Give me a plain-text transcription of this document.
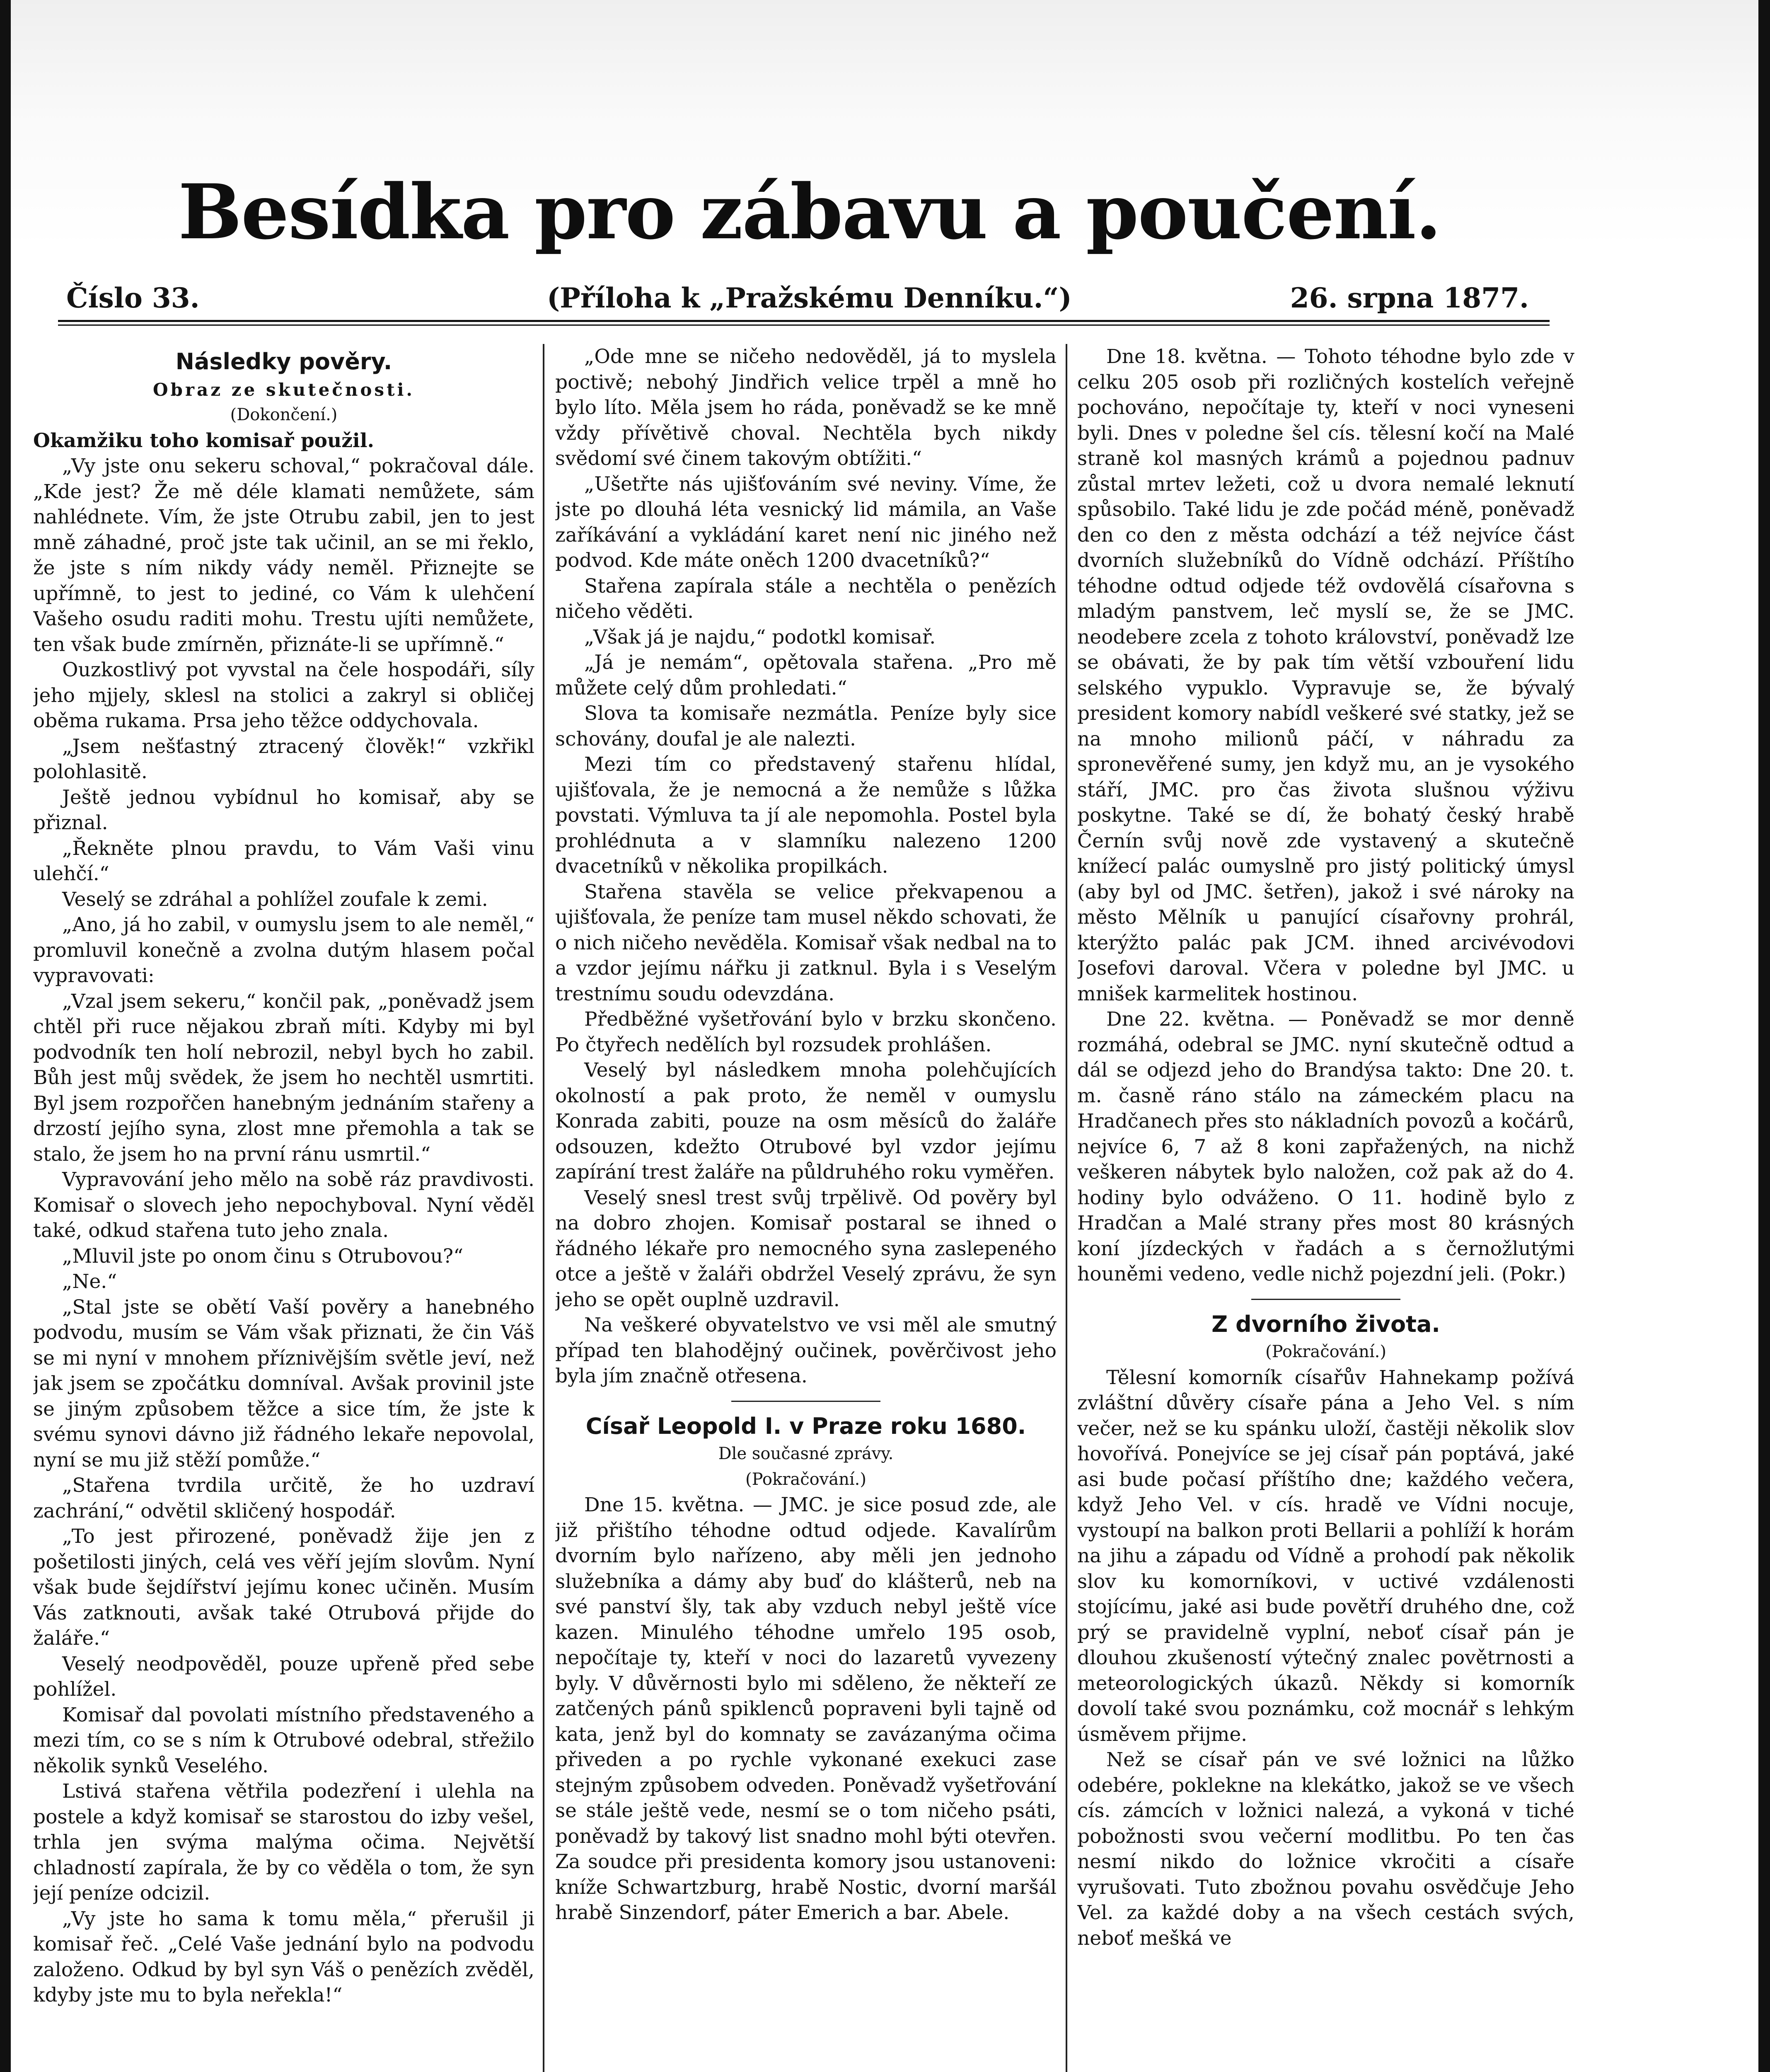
Besídka pro zábavu a poučení.
Číslo 33.	(Příloha k „Pražskému Denníku.“)	26. srpna 1877.
Následky pověry.
Obraz ze skutečnosti.
(Dokončení.)

Okamžiku toho komisař použil.

„Vy jste onu sekeru schoval,“ pokračoval dále. „Kde jest? Že mě déle klamati nemůžete, sám nahlédnete. Vím, že jste Otrubu zabil, jen to jest mně záhadné, proč jste tak učinil, an se mi řeklo, že jste s ním nikdy vády neměl. Přiznejte se upřímně, to jest to jediné, co Vám k ulehčení Vašeho osudu raditi mohu. Trestu ujíti nemůžete, ten však bude zmírněn, přiznáte-li se upřímně.“

Ouzkostlivý pot vyvstal na čele hospodáři, síly jeho mjjely, sklesl na stolici a zakryl si obličej oběma rukama. Prsa jeho těžce oddychovala.

„Jsem nešťastný ztracený člověk!“ vzkřikl polohlasitě.

Ještě jednou vybídnul ho komisař, aby se přiznal.

„Řekněte plnou pravdu, to Vám Vaši vinu ulehčí.“

Veselý se zdráhal a pohlížel zoufale k zemi.

„Ano, já ho zabil, v oumyslu jsem to ale neměl,“ promluvil konečně a zvolna dutým hlasem počal vypravovati:

„Vzal jsem sekeru,“ končil pak, „poněvadž jsem chtěl při ruce nějakou zbraň míti. Kdyby mi byl podvodník ten holí nebrozil, nebyl bych ho zabil. Bůh jest můj svědek, že jsem ho nechtěl usmrtiti. Byl jsem rozpořčen hanebným jednáním stařeny a drzostí jejího syna, zlost mne přemohla a tak se stalo, že jsem ho na první ránu usmrtil.“

Vypravování jeho mělo na sobě ráz pravdivosti. Komisař o slovech jeho nepochyboval. Nyní věděl také, odkud stařena tuto jeho znala.

„Mluvil jste po onom činu s Otrubovou?“

„Ne.“

„Stal jste se obětí Vaší pověry a hanebného podvodu, musím se Vám však přiznati, že čin Váš se mi nyní v mnohem příznivějším světle jeví, než jak jsem se zpočátku domníval. Avšak provinil jste se jiným způsobem těžce a sice tím, že jste k svému synovi dávno již řádného lekaře nepovolal, nyní se mu již stěží pomůže.“

„Stařena tvrdila určitě, že ho uzdraví zachrání,“ odvětil skličený hospodář.

„To jest přirozené, poněvadž žije jen z pošetilosti jiných, celá ves věří jejím slovům. Nyní však bude šejdířství jejímu konec učiněn. Musím Vás zatknouti, avšak také Otrubová přijde do žaláře.“

Veselý neodpověděl, pouze upřeně před sebe pohlížel.

Komisař dal povolati místního představeného a mezi tím, co se s ním k Otrubové odebral, střežilo několik synků Veselého.

Lstivá stařena větřila podezření i ulehla na postele a když komisař se starostou do izby vešel, trhla jen svýma malýma očima. Největší chladností zapírala, že by co věděla o tom, že syn její peníze odcizil.

„Vy jste ho sama k tomu měla,“ přerušil ji komisař řeč. „Celé Vaše jednání bylo na podvodu založeno. Odkud by byl syn Váš o penězích zvěděl, kdyby jste mu to byla neřekla!“

„Ode mne se ničeho nedověděl, já to myslela poctivě; nebohý Jindřich velice trpěl a mně ho bylo líto. Měla jsem ho ráda, poněvadž se ke mně vždy přívětivě choval. Nechtěla bych nikdy svědomí své činem takovým obtížiti.“

„Ušetřte nás ujišťováním své neviny. Víme, že jste po dlouhá léta vesnický lid mámila, an Vaše zaříkávání a vykládání karet není nic jiného než podvod. Kde máte oněch 1200 dvacetníků?“

Stařena zapírala stále a nechtěla o penězích ničeho věděti.

„Však já je najdu,“ podotkl komisař.

„Já je nemám“, opětovala stařena. „Pro mě můžete celý dům prohledati.“

Slova ta komisaře nezmátla. Peníze byly sice schovány, doufal je ale nalezti.

Mezi tím co představený stařenu hlídal, ujišťovala, že je nemocná a že nemůže s lůžka povstati. Výmluva ta jí ale nepomohla. Postel byla prohlédnuta a v slamníku nalezeno 1200 dvacetníků v několika propilkách.

Stařena stavěla se velice překvapenou a ujišťovala, že peníze tam musel někdo schovati, že o nich ničeho nevěděla. Komisař však nedbal na to a vzdor jejímu nářku ji zatknul. Byla i s Veselým trestnímu soudu odevzdána.

Předběžné vyšetřování bylo v brzku skončeno. Po čtyřech nedělích byl rozsudek prohlášen.

Veselý byl následkem mnoha polehčujících okolností a pak proto, že neměl v oumyslu Konrada zabiti, pouze na osm měsíců do žaláře odsouzen, kdežto Otrubové byl vzdor jejímu zapírání trest žaláře na půldruhého roku vyměřen.

Veselý snesl trest svůj trpělivě. Od pověry byl na dobro zhojen. Komisař postaral se ihned o řádného lékaře pro nemocného syna zaslepeného otce a ještě v žaláři obdržel Veselý zprávu, že syn jeho se opět ouplně uzdravil.

Na veškeré obyvatelstvo ve vsi měl ale smutný případ ten blahodějný oučinek, pověrčivost jeho byla jím značně otřesena.

Císař Leopold I. v Praze roku 1680.
Dle současné zprávy.
(Pokračování.)

Dne 15. května. — JMC. je sice posud zde, ale již přištího téhodne odtud odjede. Kavalírům dvorním bylo nařízeno, aby měli jen jednoho služebníka a dámy aby buď do klášterů, neb na své panství šly, tak aby vzduch nebyl ještě více kazen. Minulého téhodne umřelo 195 osob, nepočítaje ty, kteří v noci do lazaretů vyvezeny byly. V důvěrnosti bylo mi sděleno, že někteří ze zatčených pánů spiklenců popraveni byli tajně od kata, jenž byl do komnaty se zavázanýma očima přiveden a po rychle vykonané exekuci zase stejným způsobem odveden. Poněvadž vyšetřování se stále ještě vede, nesmí se o tom ničeho psáti, poněvadž by takový list snadno mohl býti otevřen. Za soudce při presidenta komory jsou ustanoveni: kníže Schwartzburg, hrabě Nostic, dvorní maršál hrabě Sinzendorf, páter Emerich a bar. Abele.

Dne 18. května. — Tohoto téhodne bylo zde v celku 205 osob při rozličných kostelích veřejně pochováno, nepočítaje ty, kteří v noci vyneseni byli. Dnes v poledne šel cís. tělesní kočí na Malé straně kol masných krámů a pojednou padnuv zůstal mrtev ležeti, což u dvora nemalé leknutí spůsobilo. Také lidu je zde počád méně, poněvadž den co den z města odchází a též nejvíce část dvorních služebníků do Vídně odchází. Příštího téhodne odtud odjede též ovdovělá císařovna s mladým panstvem, leč myslí se, že se JMC. neodebere zcela z tohoto království, poněvadž lze se obávati, že by pak tím větší vzbouření lidu selského vypuklo. Vypravuje se, že bývalý president komory nabídl veškeré své statky, jež se na mnoho milionů páčí, v náhradu za spronevěřené sumy, jen když mu, an je vysokého stáří, JMC. pro čas života slušnou výživu poskytne. Také se dí, že bohatý český hrabě Černín svůj nově zde vystavený a skutečně knížecí palác oumyslně pro jistý politický úmysl (aby byl od JMC. šetřen), jakož i své nároky na město Mělník u panující císařovny prohrál, kterýžto palác pak JCM. ihned arcivévodovi Josefovi daroval. Včera v poledne byl JMC. u mnišek karmelitek hostinou.

Dne 22. května. — Poněvadž se mor denně rozmáhá, odebral se JMC. nyní skutečně odtud a dál se odjezd jeho do Brandýsa takto: Dne 20. t. m. časně ráno stálo na zámeckém placu na Hradčanech přes sto nákladních povozů a kočárů, nejvíce 6, 7 až 8 koni zapřažených, na nichž veškeren nábytek bylo naložen, což pak až do 4. hodiny bylo odváženo. O 11. hodině bylo z Hradčan a Malé strany přes most 80 krásných koní jízdeckých v řadách a s černožlutými houněmi vedeno, vedle nichž pojezdní jeli. (Pokr.)

Z dvorního života.
(Pokračování.)

Tělesní komorník císařův Hahnekamp požívá zvláštní důvěry císaře pána a Jeho Vel. s ním večer, než se ku spánku uloží, častěji několik slov hovořívá. Ponejvíce se jej císař pán poptává, jaké asi bude počasí příštího dne; každého večera, když Jeho Vel. v cís. hradě ve Vídni nocuje, vystoupí na balkon proti Bellarii a pohlíží k horám na jihu a západu od Vídně a prohodí pak několik slov ku komorníkovi, v uctivé vzdálenosti stojícímu, jaké asi bude povětří druhého dne, což prý se pravidelně vyplní, neboť císař pán je dlouhou zkušeností výtečný znalec povětrnosti a meteorologických úkazů. Někdy si komorník dovolí také svou poznámku, což mocnář s lehkým úsměvem přijme.

Než se císař pán ve své ložnici na lůžko odebére, poklekne na klekátko, jakož se ve všech cís. zámcích v ložnici nalezá, a vykoná v tiché pobožnosti svou večerní modlitbu. Po ten čas nesmí nikdo do ložnice vkročiti a císaře vyrušovati. Tuto zbožnou povahu osvědčuje Jeho Vel. za každé doby a na všech cestách svých, neboť mešká ve
